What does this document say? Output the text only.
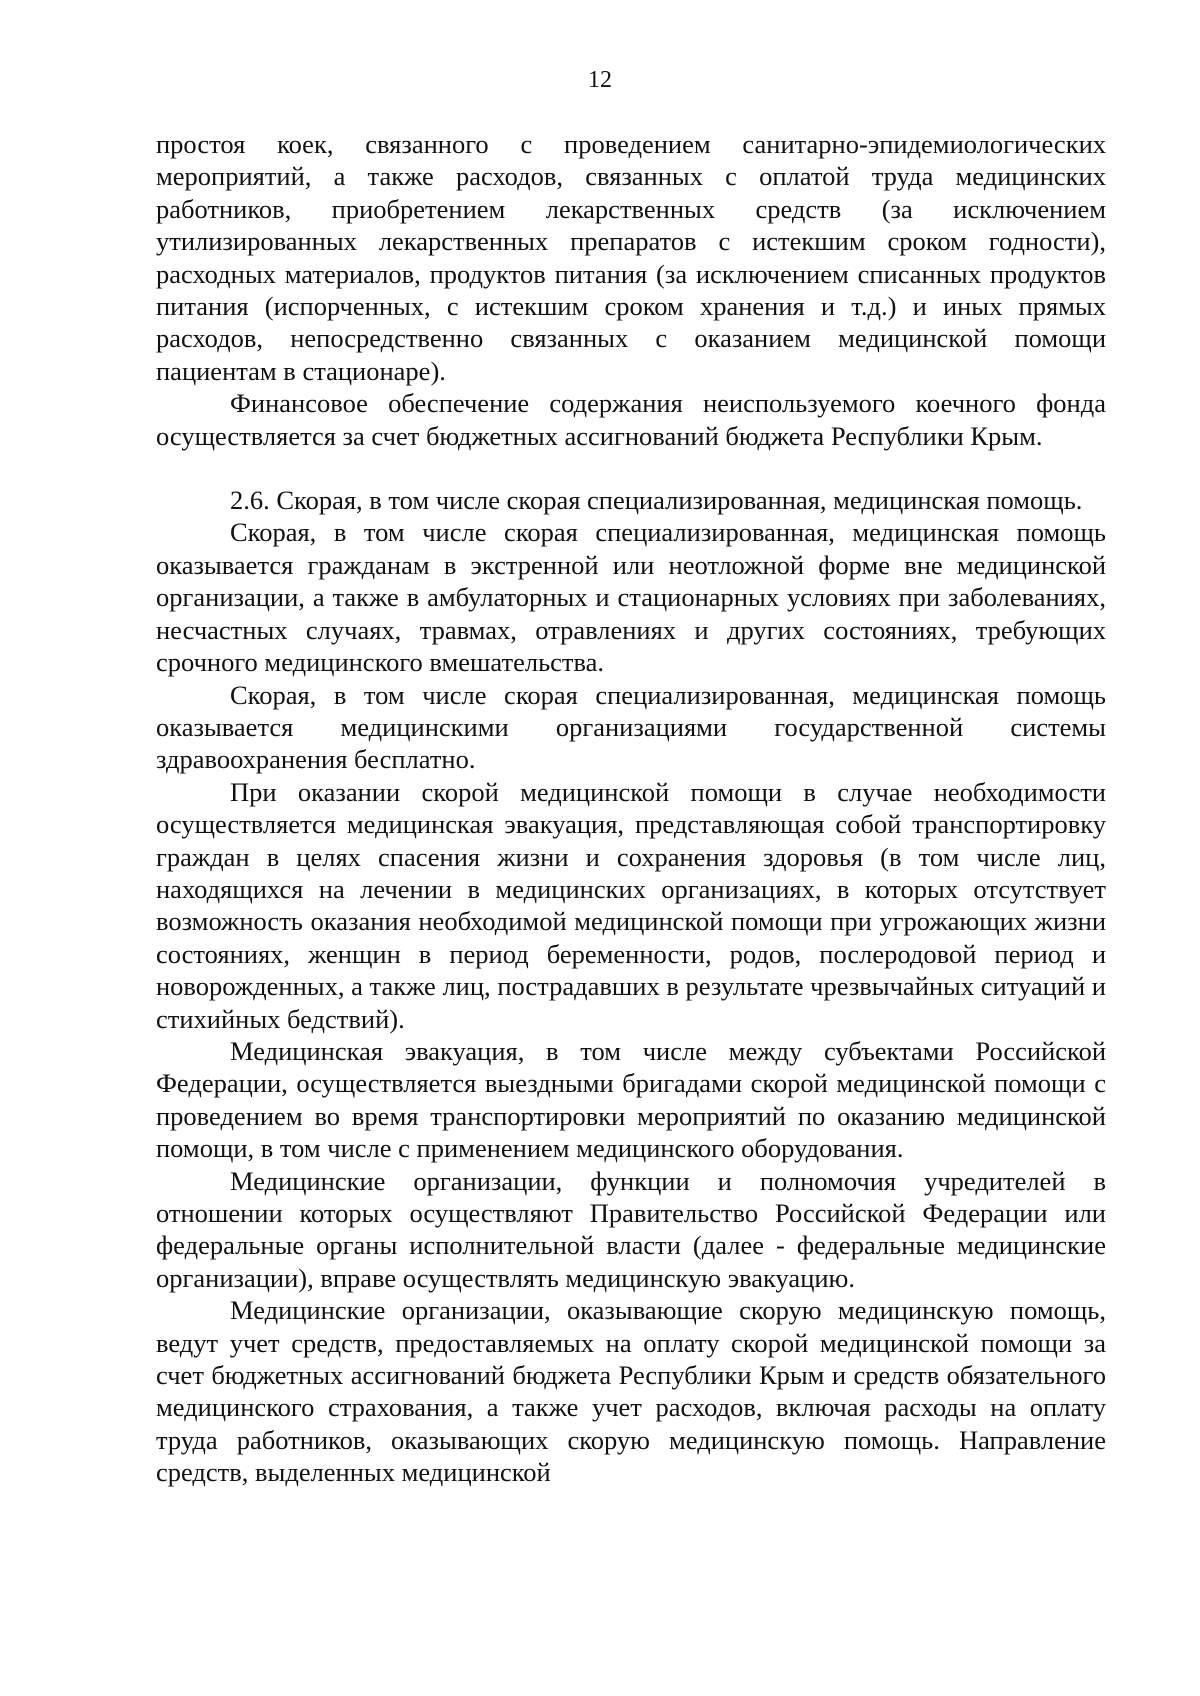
12

простоя коек, связанного с проведением санитарно-эпидемиологических мероприятий, а также расходов, связанных с оплатой труда медицинских работников, приобретением лекарственных средств (за исключением утилизированных лекарственных препаратов с истекшим сроком годности), расходных материалов, продуктов питания (за исключением списанных продуктов питания (испорченных, с истекшим сроком хранения и т.д.) и иных прямых расходов, непосредственно связанных с оказанием медицинской помощи пациентам в стационаре).

Финансовое обеспечение содержания неиспользуемого коечного фонда осуществляется за счет бюджетных ассигнований бюджета Республики Крым.

2.6. Скорая, в том числе скорая специализированная, медицинская помощь.

Скорая, в том числе скорая специализированная, медицинская помощь оказывается гражданам в экстренной или неотложной форме вне медицинской организации, а также в амбулаторных и стационарных условиях при заболеваниях, несчастных случаях, травмах, отравлениях и других состояниях, требующих срочного медицинского вмешательства.

Скорая, в том числе скорая специализированная, медицинская помощь оказывается медицинскими организациями государственной системы здравоохранения бесплатно.

При оказании скорой медицинской помощи в случае необходимости осуществляется медицинская эвакуация, представляющая собой транспортировку граждан в целях спасения жизни и сохранения здоровья (в том числе лиц, находящихся на лечении в медицинских организациях, в которых отсутствует возможность оказания необходимой медицинской помощи при угрожающих жизни состояниях, женщин в период беременности, родов, послеродовой период и новорожденных, а также лиц, пострадавших в результате чрезвычайных ситуаций и стихийных бедствий).

Медицинская эвакуация, в том числе между субъектами Российской Федерации, осуществляется выездными бригадами скорой медицинской помощи с проведением во время транспортировки мероприятий по оказанию медицинской помощи, в том числе с применением медицинского оборудования.

Медицинские организации, функции и полномочия учредителей в отношении которых осуществляют Правительство Российской Федерации или федеральные органы исполнительной власти (далее - федеральные медицинские организации), вправе осуществлять медицинскую эвакуацию.

Медицинские организации, оказывающие скорую медицинскую помощь, ведут учет средств, предоставляемых на оплату скорой медицинской помощи за счет бюджетных ассигнований бюджета Республики Крым и средств обязательного медицинского страхования, а также учет расходов, включая расходы на оплату труда работников, оказывающих скорую медицинскую помощь. Направление средств, выделенных медицинской
